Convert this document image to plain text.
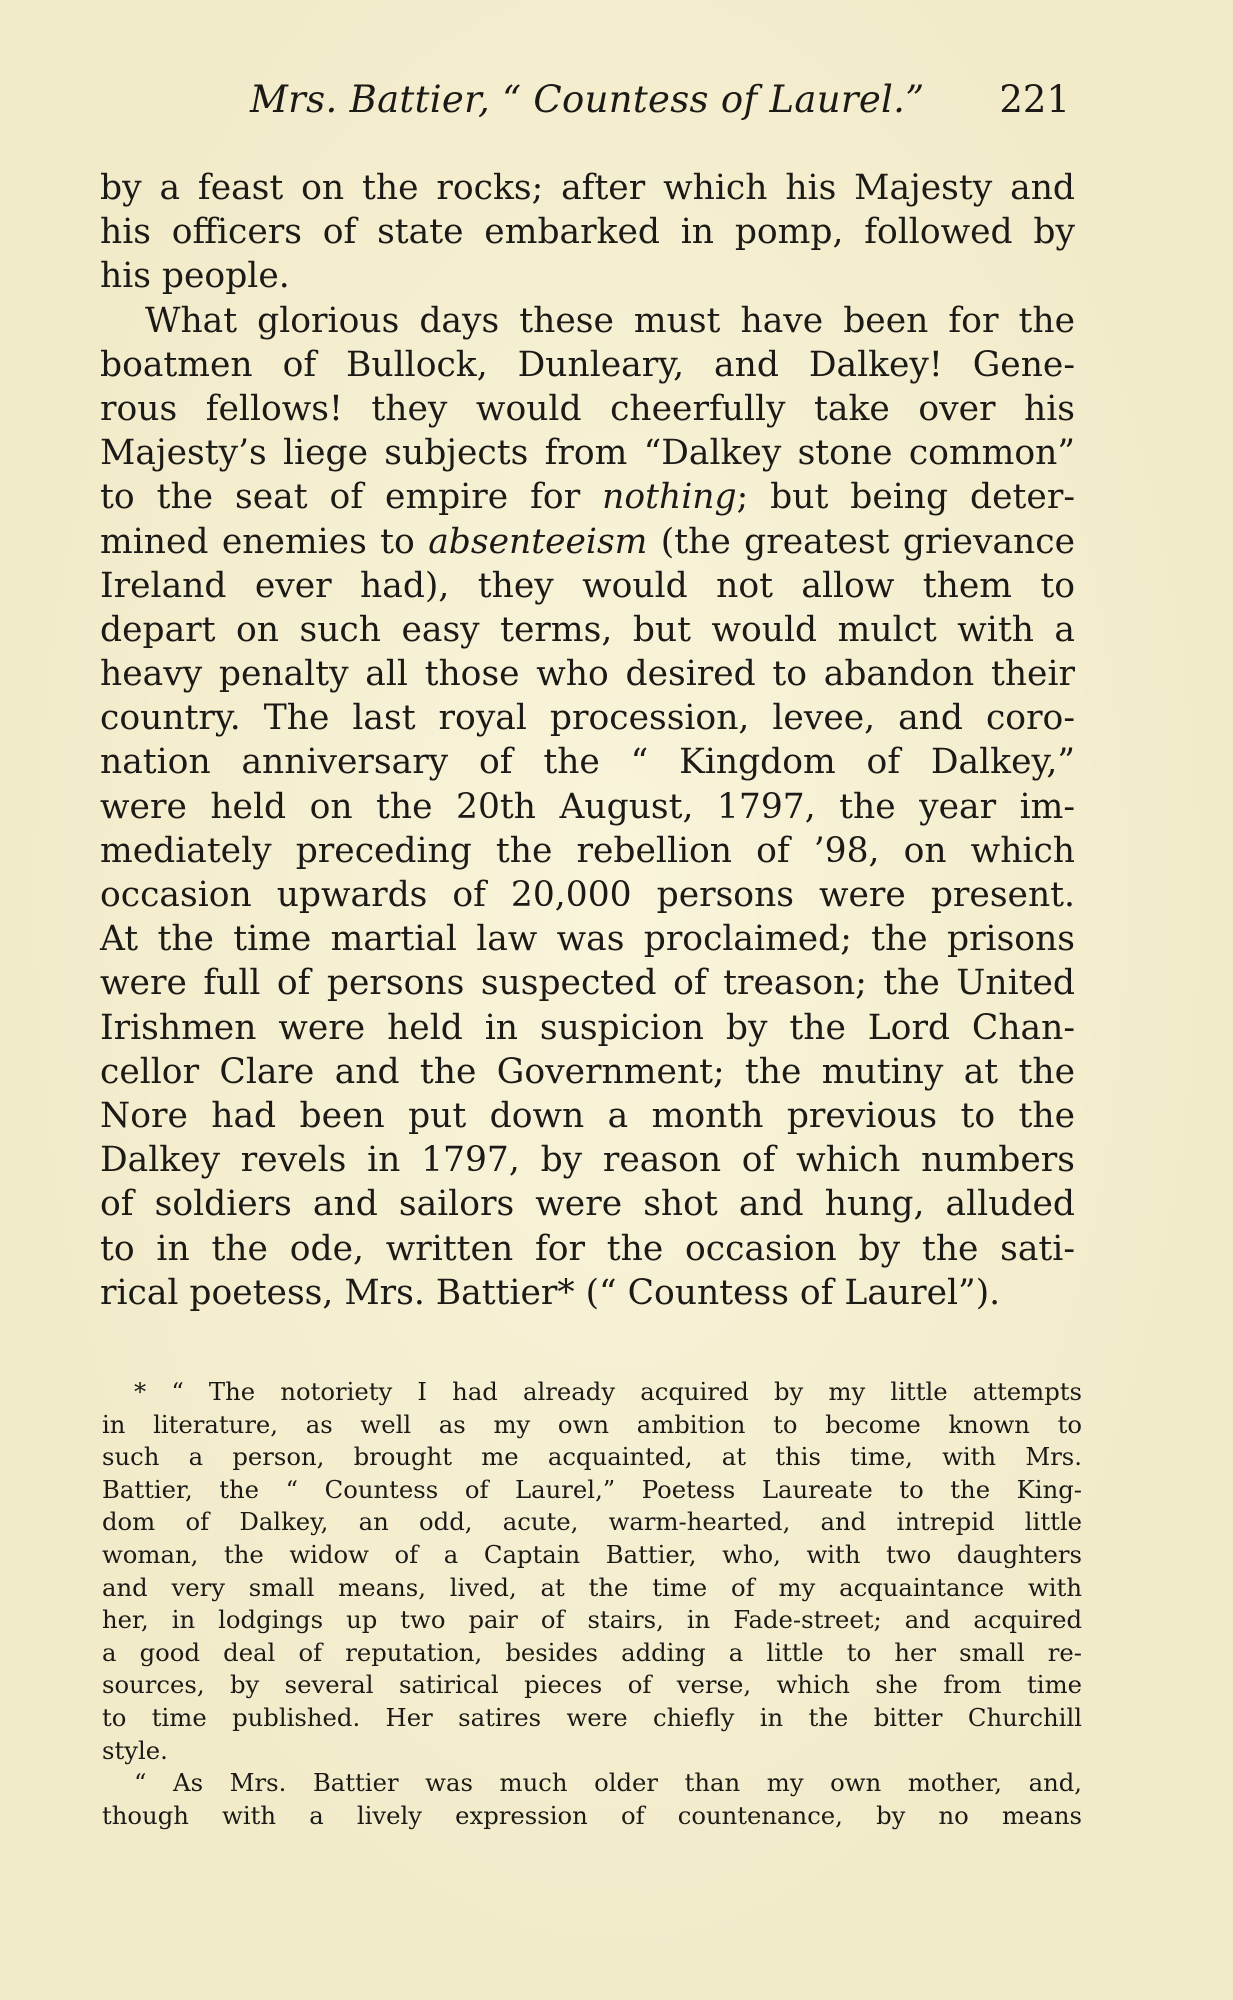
Mrs. Battier, “ Countess of Laurel.” 221
by a feast on the rocks; after which his Majesty and
his officers of state embarked in pomp, followed by
his people.
What glorious days these must have been for the
boatmen of Bullock, Dunleary, and Dalkey! Gene-
rous fellows! they would cheerfully take over his
Majesty’s liege subjects from “Dalkey stone common”
to the seat of empire for nothing; but being deter-
mined enemies to absenteeism (the greatest grievance
Ireland ever had), they would not allow them to
depart on such easy terms, but would mulct with a
heavy penalty all those who desired to abandon their
country. The last royal procession, levee, and coro-
nation anniversary of the “ Kingdom of Dalkey,”
were held on the 20th August, 1797, the year im-
mediately preceding the rebellion of ’98, on which
occasion upwards of 20,000 persons were present.
At the time martial law was proclaimed; the prisons
were full of persons suspected of treason; the United
Irishmen were held in suspicion by the Lord Chan-
cellor Clare and the Government; the mutiny at the
Nore had been put down a month previous to the
Dalkey revels in 1797, by reason of which numbers
of soldiers and sailors were shot and hung, alluded
to in the ode, written for the occasion by the sati-
rical poetess, Mrs. Battier* (“ Countess of Laurel”).
* “ The notoriety I had already acquired by my little attempts
in literature, as well as my own ambition to become known to
such a person, brought me acquainted, at this time, with Mrs.
Battier, the “ Countess of Laurel,” Poetess Laureate to the King-
dom of Dalkey, an odd, acute, warm-hearted, and intrepid little
woman, the widow of a Captain Battier, who, with two daughters
and very small means, lived, at the time of my acquaintance with
her, in lodgings up two pair of stairs, in Fade-street; and acquired
a good deal of reputation, besides adding a little to her small re-
sources, by several satirical pieces of verse, which she from time
to time published. Her satires were chiefly in the bitter Churchill
style.
“ As Mrs. Battier was much older than my own mother, and,
though with a lively expression of countenance, by no means
